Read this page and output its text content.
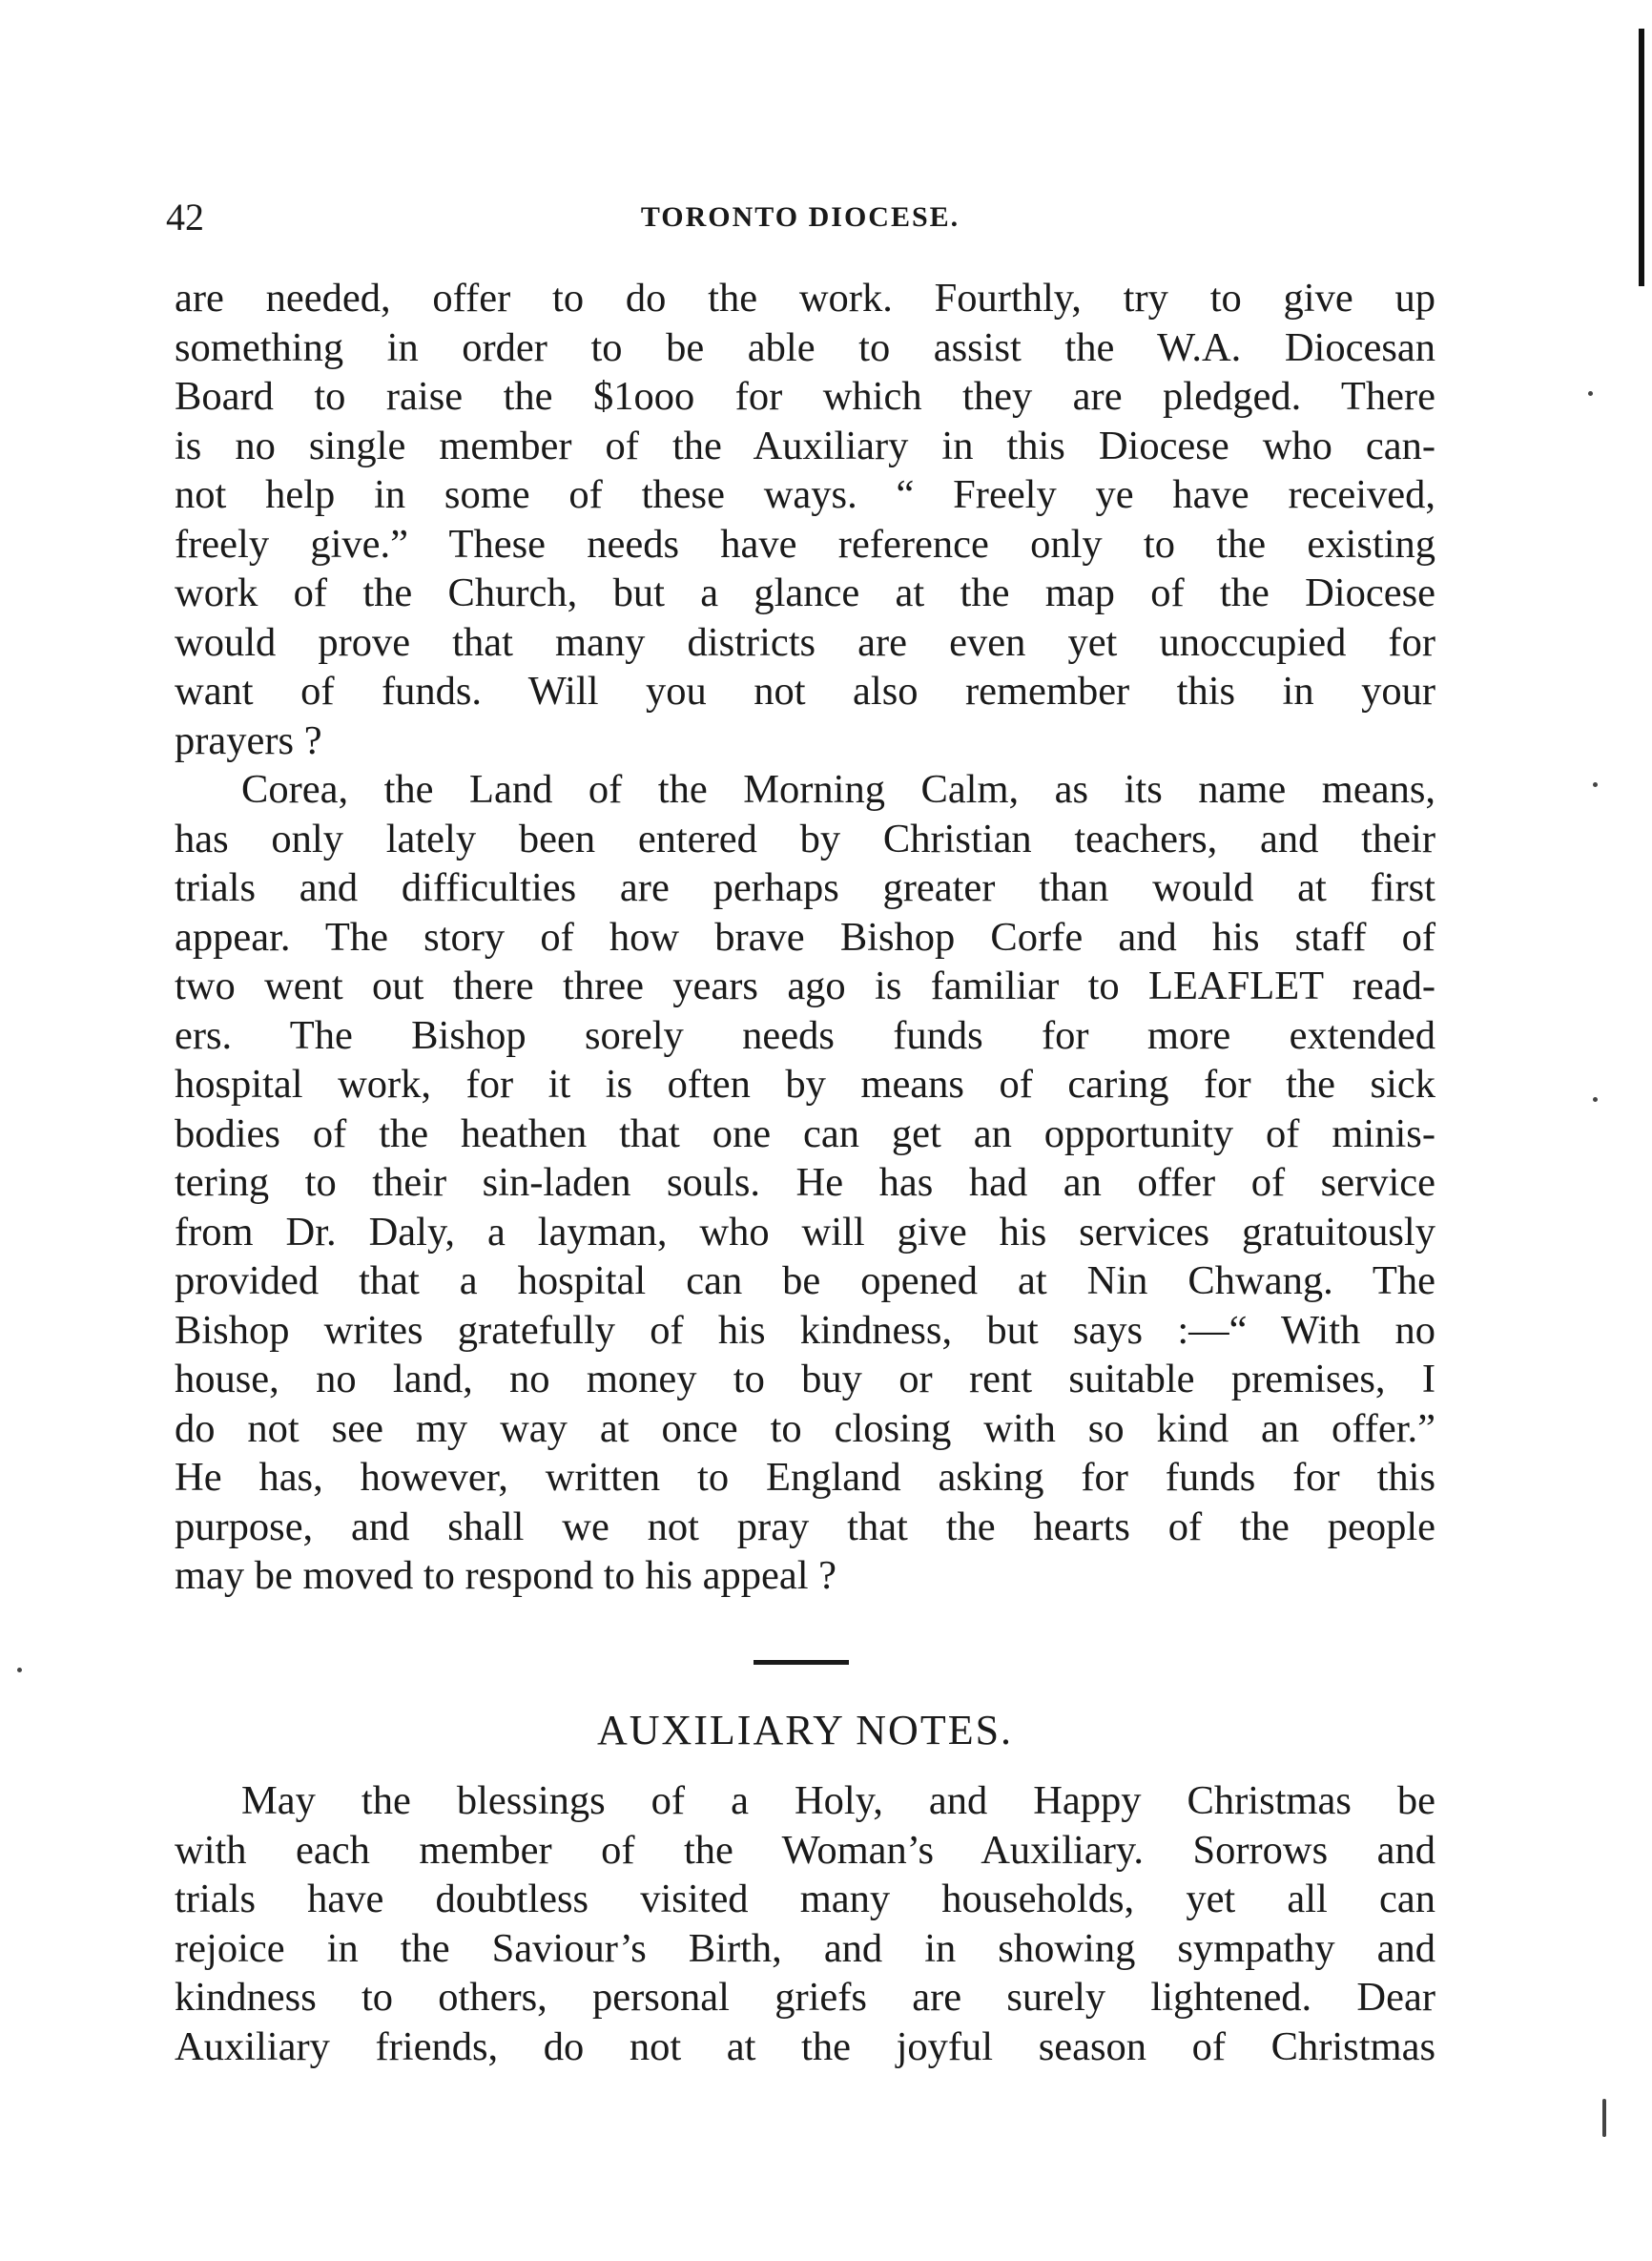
42	TORONTO DIOCESE.

are needed, offer to do the work. Fourthly, try to give up
something in order to be able to assist the W.A. Diocesan
Board to raise the $1ooo for which they are pledged. There
is no single member of the Auxiliary in this Diocese who can-
not help in some of these ways. “ Freely ye have received,
freely give.” These needs have reference only to the existing
work of the Church, but a glance at the map of the Diocese
would prove that many districts are even yet unoccupied for
want of funds. Will you not also remember this in your
prayers ?

Corea, the Land of the Morning Calm, as its name means,
has only lately been entered by Christian teachers, and their
trials and difficulties are perhaps greater than would at first
appear. The story of how brave Bishop Corfe and his staff of
two went out there three years ago is familiar to LEAFLET read-
ers. The Bishop sorely needs funds for more extended
hospital work, for it is often by means of caring for the sick
bodies of the heathen that one can get an opportunity of minis-
tering to their sin-laden souls. He has had an offer of service
from Dr. Daly, a layman, who will give his services gratuitously
provided that a hospital can be opened at Nin Chwang. The
Bishop writes gratefully of his kindness, but says :—“ With no
house, no land, no money to buy or rent suitable premises, I
do not see my way at once to closing with so kind an offer.”
He has, however, written to England asking for funds for this
purpose, and shall we not pray that the hearts of the people
may be moved to respond to his appeal ?

AUXILIARY NOTES.

May the blessings of a Holy, and Happy Christmas be
with each member of the Woman’s Auxiliary. Sorrows and
trials have doubtless visited many households, yet all can
rejoice in the Saviour’s Birth, and in showing sympathy and
kindness to others, personal griefs are surely lightened. Dear
Auxiliary friends, do not at the joyful season of Christmas
